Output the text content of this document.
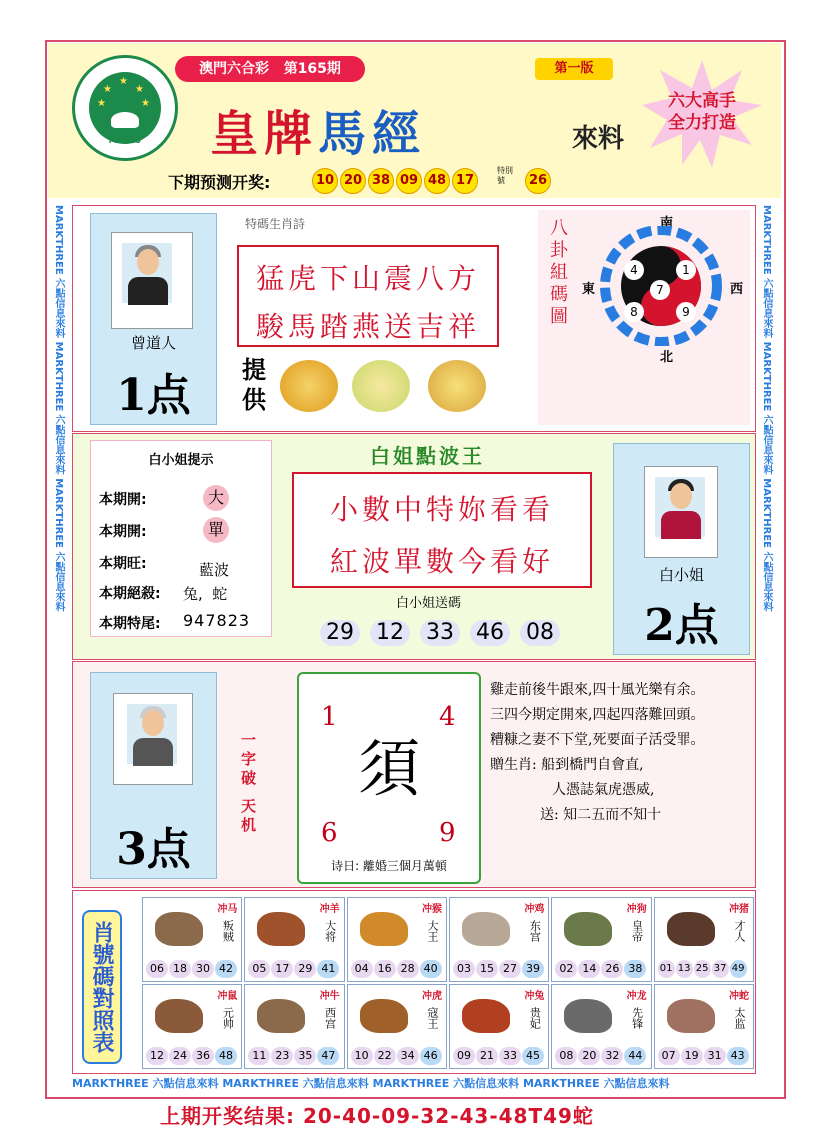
★
★ ★
★	★
MACAU
澳門六合彩 第165期	第一版
皇牌馬經	來料
六大高手
全力打造
下期预测开奖:	10 20 38 09 48 17
特別號	26
MARKTHREE 六點信息來料 MARKTHREE 六點信息來料 MARKTHREE 六點信息來料	MARKTHREE 六點信息來料 MARKTHREE 六點信息來料 MARKTHREE 六點信息來料
曾道人
1点
特碼生肖詩
猛虎下山震八方
駿馬踏燕送吉祥
提供
八卦組碼圖	南
北
東	西
4	1
7
8	9
白小姐提示
本期開:	大
本期開:	單
本期旺:	藍波
本期絕殺: 兔,  蛇
本期特尾: 947823
白姐點波王
小數中特妳看看
紅波單數今看好
白小姐送碼
29 12 33 46 08
白小姐
2点
3点
一字破
天机
1	4
6	9
須
诗日: 離婚三個月萬頓
雞走前後牛跟來,四十風光樂有余。
三四今期定開來,四起四落難回頭。
糟糠之妻不下堂,死要面子活受罪。
贈生肖: 船到橋門自會直,
人憑誌氣虎憑威,
送: 知二五而不知十
肖號碼對照表
冲马
叛贼
06 18 30 42
冲羊
大将
05 17 29 41
冲猴
大王
04 16 28 40
冲鸡
东宫
03 15 27 39
冲狗
皇帝
02 14 26 38
冲猪
才人
01 13 25 37 49
冲鼠
元帅
12 24 36 48
冲牛
西宫
11 23 35 47
冲虎
寇王
10 22 34 46
冲兔
贵妃
09 21 33 45
冲龙
先锋
08 20 32 44
冲蛇
太监
07 19 31 43
MARKTHREE 六點信息來料 MARKTHREE 六點信息來料 MARKTHREE 六點信息來料 MARKTHREE 六點信息來料
上期开奖结果: 20-40-09-32-43-48T49蛇
